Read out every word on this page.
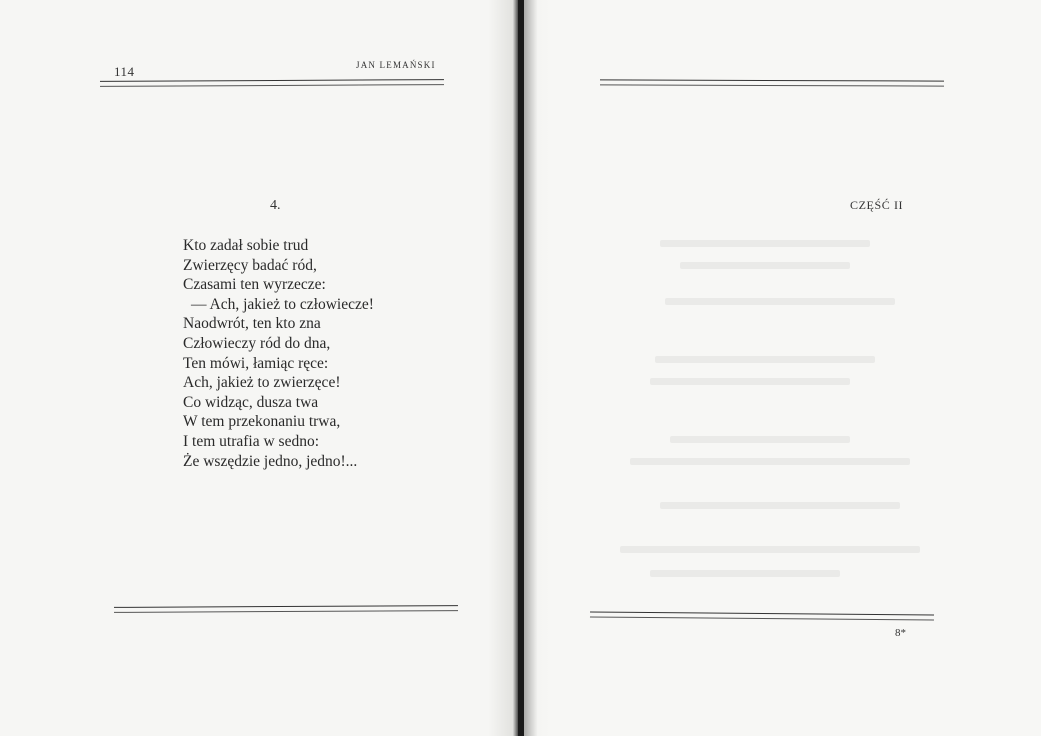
114	JAN LEMAŃSKI
4.
Kto zadał sobie trud
Zwierzęcy badać ród,
Czasami ten wyrzecze:
— Ach, jakież to człowiecze!
Naodwrót, ten kto zna
Człowieczy ród do dna,
Ten mówi, łamiąc ręce:
Ach, jakież to zwierzęce!
Co widząc, dusza twa
W tem przekonaniu trwa,
I tem utrafia w sedno:
Że wszędzie jedno, jedno!...
CZĘŚĆ II
8*
